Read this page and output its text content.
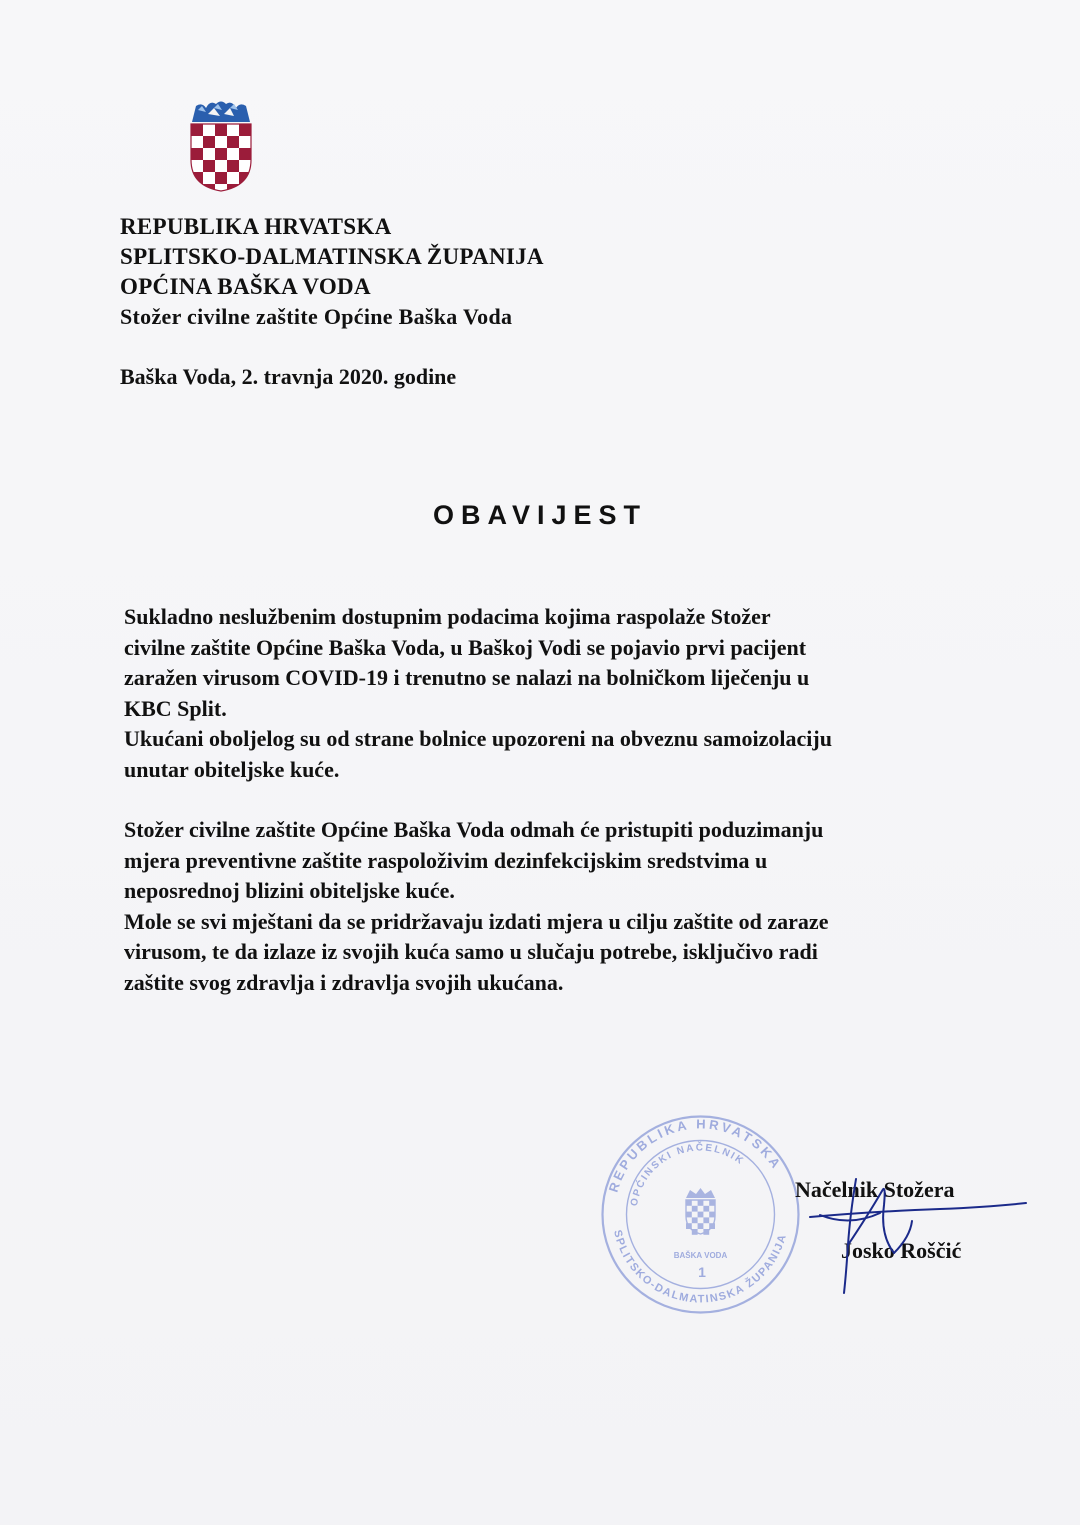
REPUBLIKA HRVATSKA
SPLITSKO-DALMATINSKA ŽUPANIJA
OPĆINA BAŠKA VODA
Stožer civilne zaštite Općine Baška Voda
Baška Voda, 2. travnja 2020. godine
OBAVIJEST
Sukladno neslužbenim dostupnim podacima kojima raspolaže Stožer
civilne zaštite Općine Baška Voda, u Baškoj Vodi se pojavio prvi pacijent
zaražen virusom COVID-19 i trenutno se nalazi na bolničkom liječenju u
KBC Split.
Ukućani oboljelog su od strane bolnice upozoreni na obveznu samoizolaciju
unutar obiteljske kuće.
Stožer civilne zaštite Općine Baška Voda odmah će pristupiti poduzimanju
mjera preventivne zaštite raspoloživim dezinfekcijskim sredstvima u
neposrednoj blizini obiteljske kuće.
Mole se svi mještani da se pridržavaju izdati mjera u cilju zaštite od zaraze
virusom, te da izlaze iz svojih kuća samo u slučaju potrebe, isključivo radi
zaštite svog zdravlja i zdravlja svojih ukućana.
REPUBLIKA HRVATSKA
OPĆINSKI NAČELNIK
SPLITSKO-DALMATINSKA ŽUPANIJA
BAŠKA VODA
1
Načelnik Stožera
Josko Roščić
